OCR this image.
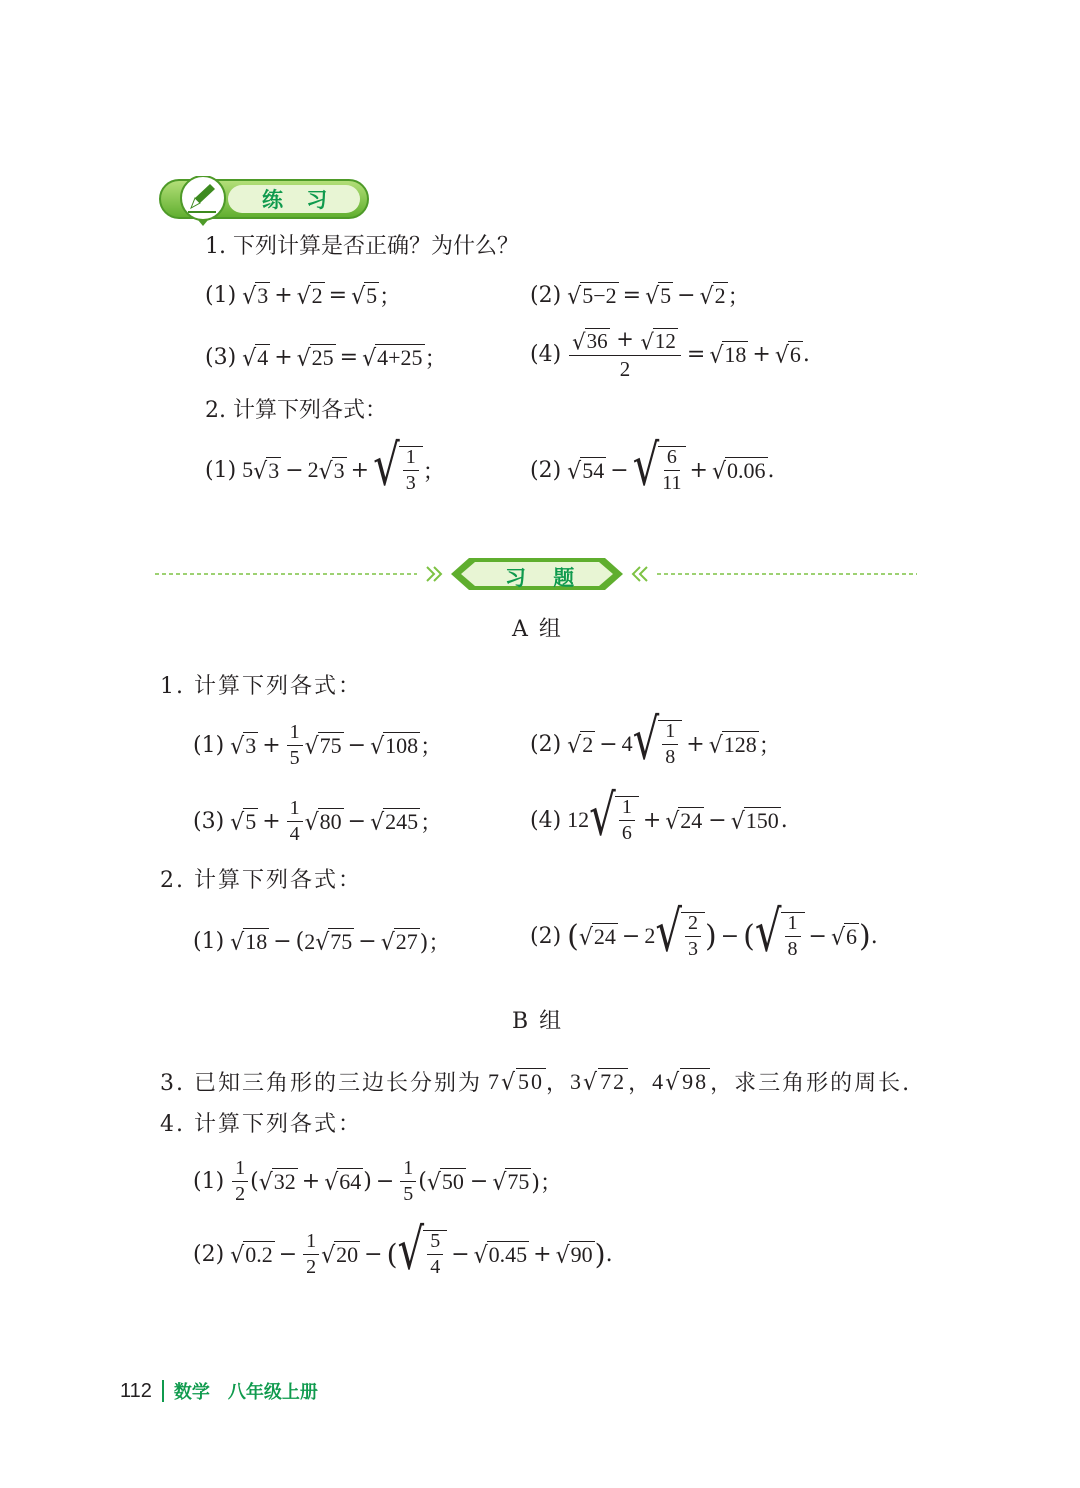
练 习
1. 下列计算是否正确？为什么？
(1) √ 3 + √ 2 = √ 5 ；	(2) √ 5−2 = √ 5 − √ 2 ；
(3) √ 4 + √ 25 = √ 4+25 ；	$(4) \frac{√ 36 + √ 12}{2}$ = √ 18 + √ 6 .
2. 计算下列各式：
(1) 5 √ 3 − 2 √ 3 + √ $\frac{1}{3}$ ；	(2) √ 54 − √ $\frac{6}{11}$ + √ 0.06 .
习 题
A 组
1. 计算下列各式：
(1) √ $3 + \frac{1}{5}$ √ 75 − √ 108 ；	(2) √ 2 − 4 √ $\frac{1}{8}$ + √ 128 ；
(3) √ $5 + \frac{1}{4}$ √ 80 − √ 245 ；	(4) 12 √ $\frac{1}{6}$ + √ 24 − √ 150 .
2. 计算下列各式：
(1) √ 18 − ( 2 √ 75 − √ 27 )；	(2) ( √ 24 − 2 √ $\frac{2}{3}$ ) − ( √ $\frac{1}{8}$ − √ 6 ) .
B 组
3. 已知三角形的三边长分别为 7 √ 50 ， 3 √ 72 ， 4 √ 98 ，求三角形的周长.
4. 计算下列各式：
$(1) \frac{1}{2}$ ( √ 32 + √ 64 ) − $\frac{1}{5}$ ( √ 50 − √ 75 )；
(2) √ $0.2 - \frac{1}{2}$ √ 20 − ( √ $\frac{5}{4}$ − √ 0.45 + √ 90 ) .
112 数学 八年级上册
